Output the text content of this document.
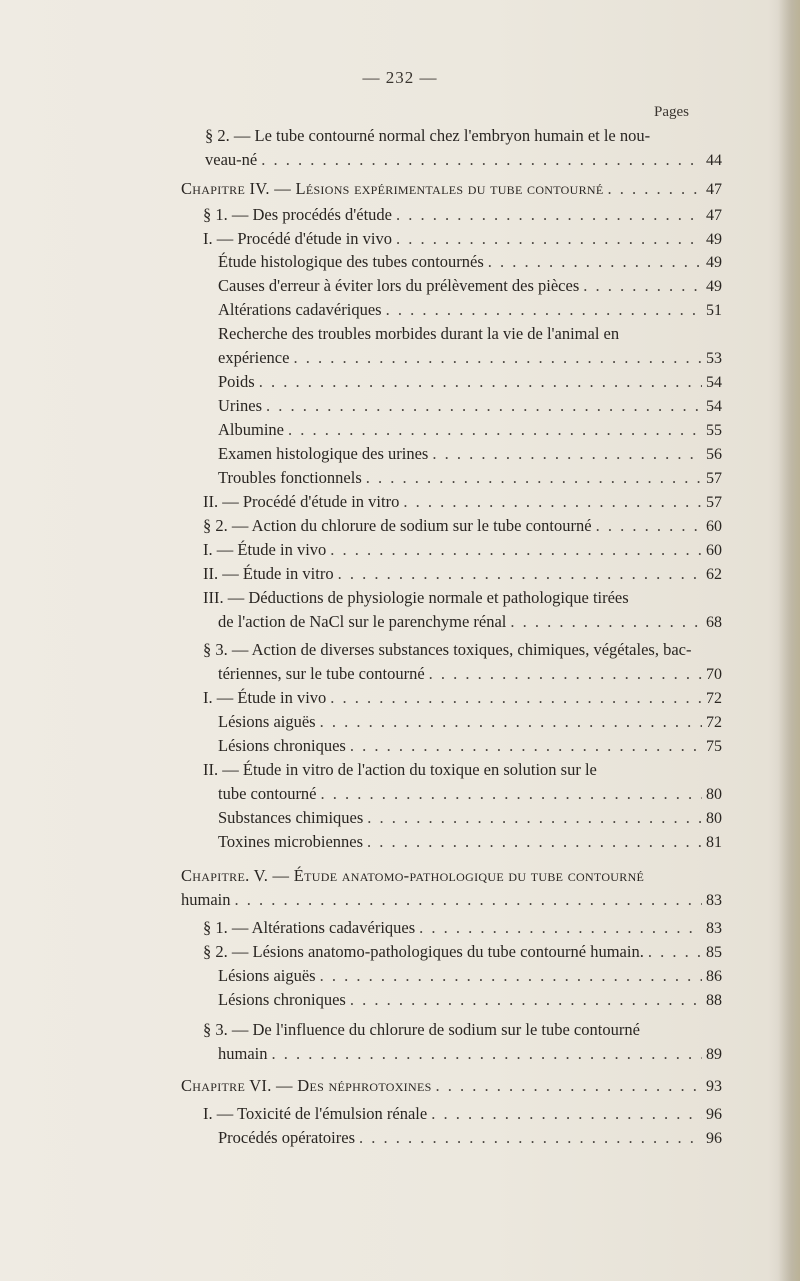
— 232 —
Pages
§ 2. — Le tube contourné normal chez l'embryon humain et le nou-
veau-né . . .	44
Chapitre IV. — Lésions expérimentales du tube contourné . . .	47
§ 1. — Des procédés d'étude . . .	47
I. — Procédé d'étude in vivo . . .	49
Étude histologique des tubes contournés . . .	49
Causes d'erreur à éviter lors du prélèvement des pièces . . .	49
Altérations cadavériques . . .	51
Recherche des troubles morbides durant la vie de l'animal en
expérience . . .	53
Poids . . .	54
Urines . . .	54
Albumine . . .	55
Examen histologique des urines . . .	56
Troubles fonctionnels . . .	57
II. — Procédé d'étude in vitro . . .	57
§ 2. — Action du chlorure de sodium sur le tube contourné . . .	60
I. — Étude in vivo . . .	60
II. — Étude in vitro . . .	62
III. — Déductions de physiologie normale et pathologique tirées
de l'action de NaCl sur le parenchyme rénal . . .	68
§ 3. — Action de diverses substances toxiques, chimiques, végétales, bac-
tériennes, sur le tube contourné . . .	70
I. — Étude in vivo . . .	72
Lésions aiguës . . .	72
Lésions chroniques . . .	75
II. — Étude in vitro de l'action du toxique en solution sur le
tube contourné . . .	80
Substances chimiques . . .	80
Toxines microbiennes . . .	81
Chapitre. V. — Étude anatomo-pathologique du tube contourné
humain . . .	83
§ 1. — Altérations cadavériques . . .	83
§ 2. — Lésions anatomo-pathologiques du tube contourné humain. . . .	85
Lésions aiguës . . .	86
Lésions chroniques . . .	88
§ 3. — De l'influence du chlorure de sodium sur le tube contourné
humain . . .	89
Chapitre VI. — Des néphrotoxines . . .	93
I. — Toxicité de l'émulsion rénale . . .	96
Procédés opératoires . . .	96
